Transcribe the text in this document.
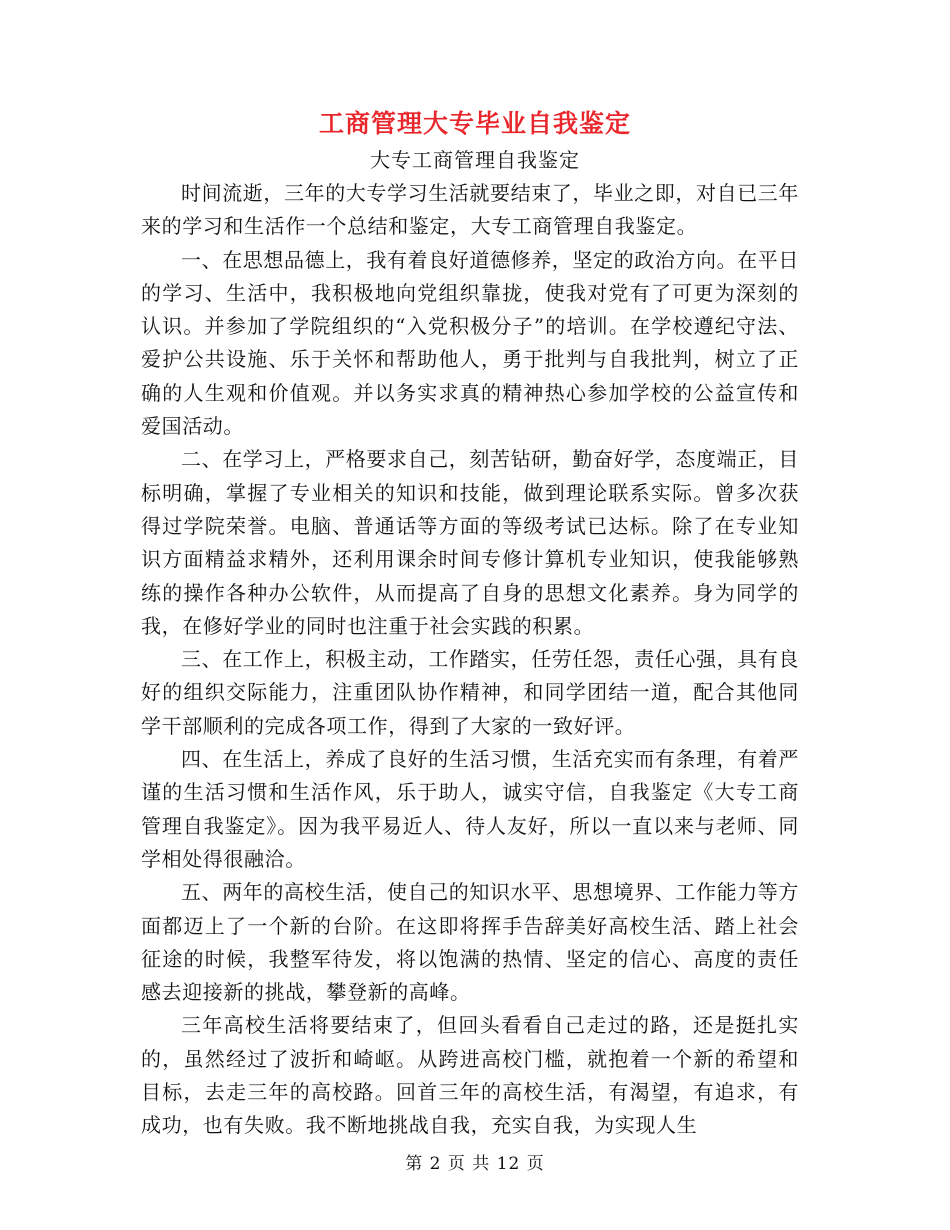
工商管理大专毕业自我鉴定
大专工商管理自我鉴定

时间流逝，三年的大专学习生活就要结束了，毕业之即，对自已三年来的学习和生活作一个总结和鉴定，大专工商管理自我鉴定。

一、在思想品德上，我有着良好道德修养，坚定的政治方向。在平日的学习、生活中，我积极地向党组织靠拢，使我对党有了可更为深刻的认识。并参加了学院组织的“入党积极分子”的培训。在学校遵纪守法、爱护公共设施、乐于关怀和帮助他人，勇于批判与自我批判，树立了正确的人生观和价值观。并以务实求真的精神热心参加学校的公益宣传和爱国活动。

二、在学习上，严格要求自己，刻苦钻研，勤奋好学，态度端正，目标明确，掌握了专业相关的知识和技能，做到理论联系实际。曾多次获得过学院荣誉。电脑、普通话等方面的等级考试已达标。除了在专业知识方面精益求精外，还利用课余时间专修计算机专业知识，使我能够熟练的操作各种办公软件，从而提高了自身的思想文化素养。身为同学的我，在修好学业的同时也注重于社会实践的积累。

三、在工作上，积极主动，工作踏实，任劳任怨，责任心强，具有良好的组织交际能力，注重团队协作精神，和同学团结一道，配合其他同学干部顺利的完成各项工作，得到了大家的一致好评。

四、在生活上，养成了良好的生活习惯，生活充实而有条理，有着严谨的生活习惯和生活作风，乐于助人，诚实守信，自我鉴定《大专工商管理自我鉴定》。因为我平易近人、待人友好，所以一直以来与老师、同学相处得很融洽。

五、两年的高校生活，使自己的知识水平、思想境界、工作能力等方面都迈上了一个新的台阶。在这即将挥手告辞美好高校生活、踏上社会征途的时候，我整军待发，将以饱满的热情、坚定的信心、高度的责任感去迎接新的挑战，攀登新的高峰。

三年高校生活将要结束了，但回头看看自己走过的路，还是挺扎实的，虽然经过了波折和崎岖。从跨进高校门槛，就抱着一个新的希望和目标，去走三年的高校路。回首三年的高校生活，有渴望，有追求，有成功，也有失败。我不断地挑战自我，充实自我，为实现人生

第 2 页 共 12 页
